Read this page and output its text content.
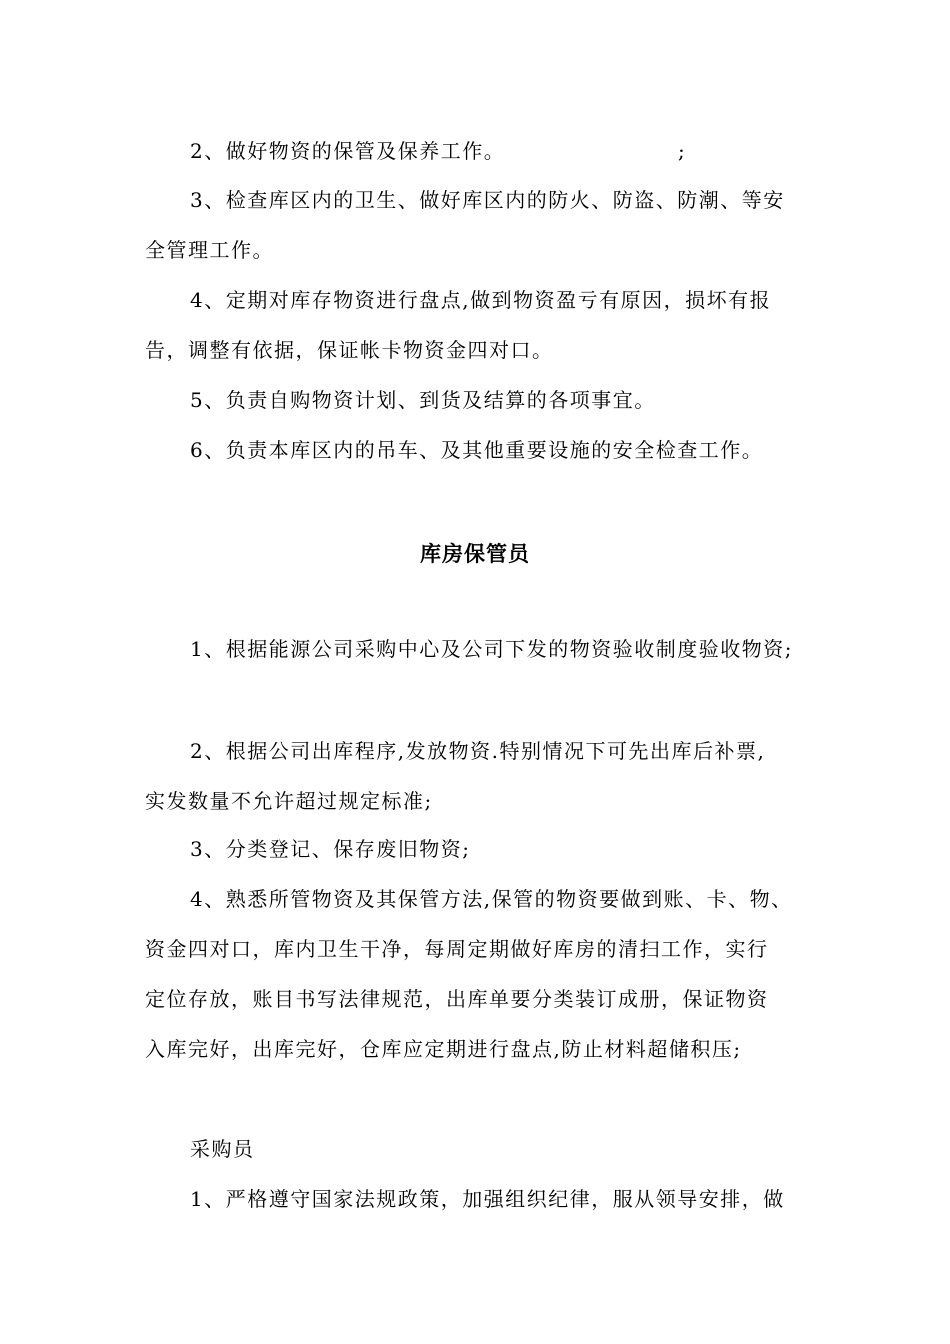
2、做好物资的保管及保养工作。	;
3、检查库区内的卫生、做好库区内的防火、防盗、防潮、等安
全管理工作。
4、定期对库存物资进行盘点,做到物资盈亏有原因，损坏有报
告，调整有依据，保证帐卡物资金四对口。
5、负责自购物资计划、到货及结算的各项事宜。
6、负责本库区内的吊车、及其他重要设施的安全检查工作。
库房保管员
1、根据能源公司采购中心及公司下发的物资验收制度验收物资;
2、根据公司出库程序,发放物资.特别情况下可先出库后补票,
实发数量不允许超过规定标准;
3、分类登记、保存废旧物资;
4、熟悉所管物资及其保管方法,保管的物资要做到账、卡、物、
资金四对口，库内卫生干净，每周定期做好库房的清扫工作，实行
定位存放，账目书写法律规范，出库单要分类装订成册，保证物资
入库完好，出库完好，仓库应定期进行盘点,防止材料超储积压;
采购员
1、严格遵守国家法规政策，加强组织纪律，服从领导安排，做
